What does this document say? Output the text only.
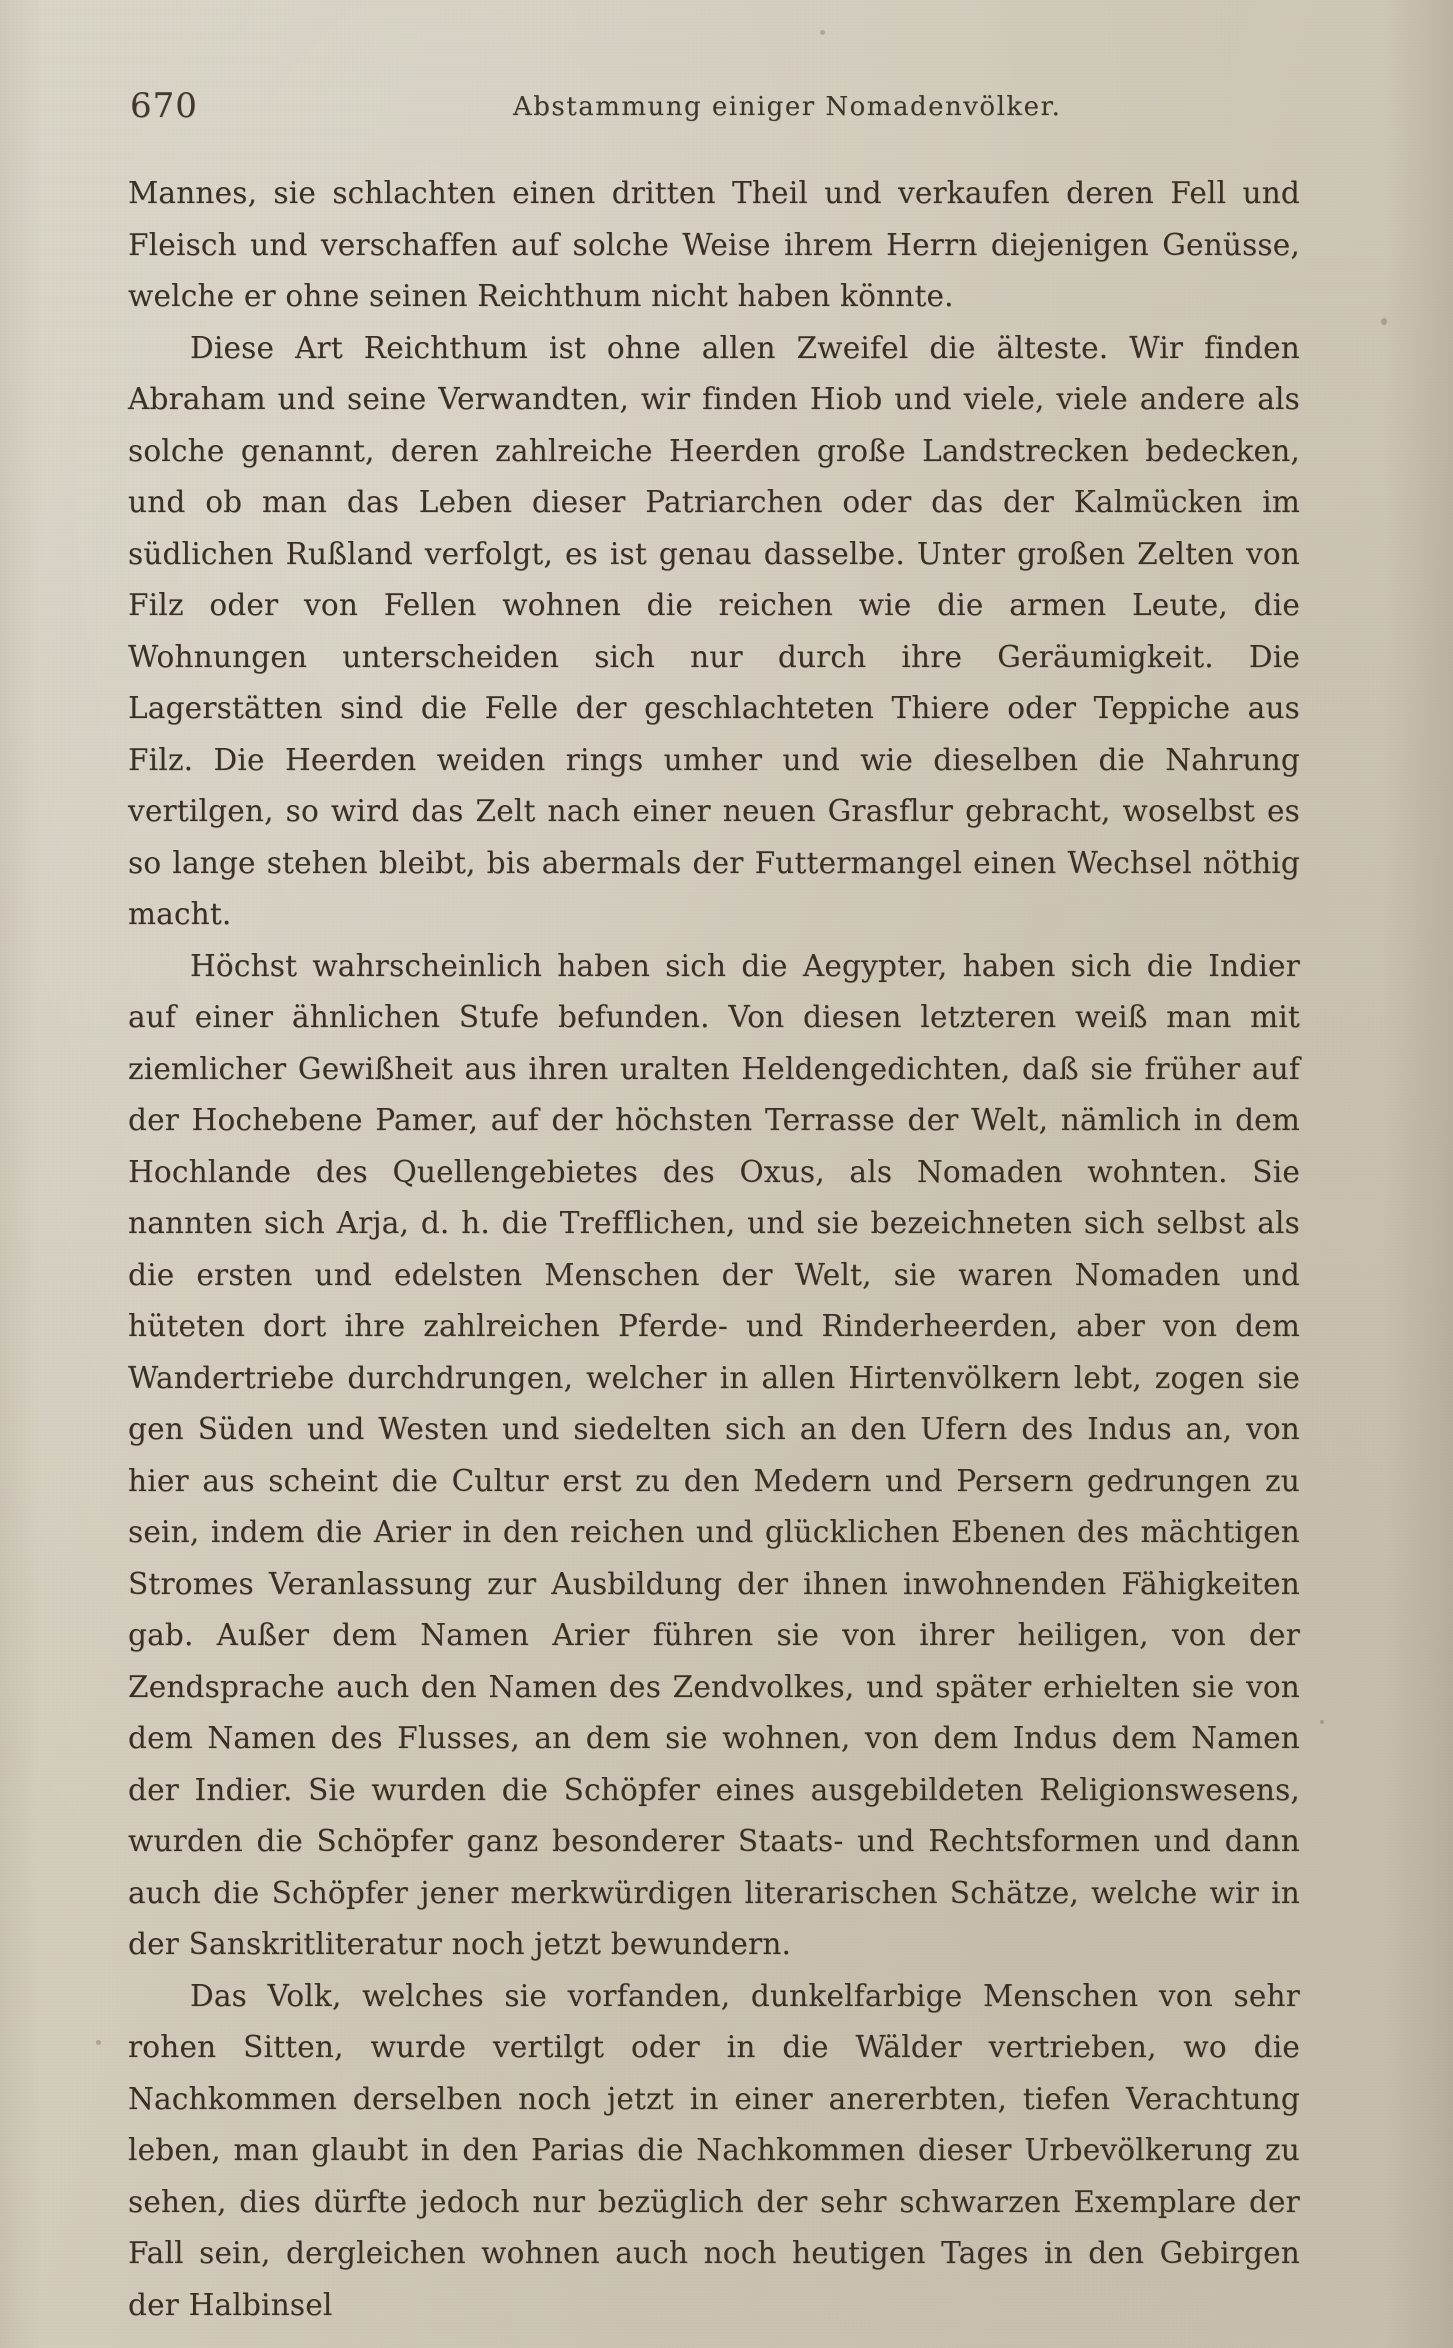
670	Abstammung einiger Nomadenvölker.

Mannes, sie schlachten einen dritten Theil und verkaufen deren Fell und Fleisch und verschaffen auf solche Weise ihrem Herrn diejenigen Genüsse, welche er ohne seinen Reichthum nicht haben könnte.

Diese Art Reichthum ist ohne allen Zweifel die älteste. Wir finden Abraham und seine Verwandten, wir finden Hiob und viele, viele andere als solche genannt, deren zahlreiche Heerden große Landstrecken bedecken, und ob man das Leben dieser Patriarchen oder das der Kalmücken im südlichen Rußland verfolgt, es ist genau dasselbe. Unter großen Zelten von Filz oder von Fellen wohnen die reichen wie die armen Leute, die Wohnungen unterscheiden sich nur durch ihre Geräumigkeit. Die Lagerstätten sind die Felle der geschlachteten Thiere oder Teppiche aus Filz. Die Heerden weiden rings umher und wie dieselben die Nahrung vertilgen, so wird das Zelt nach einer neuen Grasflur gebracht, woselbst es so lange stehen bleibt, bis abermals der Futtermangel einen Wechsel nöthig macht.

Höchst wahrscheinlich haben sich die Aegypter, haben sich die Indier auf einer ähnlichen Stufe befunden. Von diesen letzteren weiß man mit ziemlicher Gewißheit aus ihren uralten Heldengedichten, daß sie früher auf der Hochebene Pamer, auf der höchsten Terrasse der Welt, nämlich in dem Hochlande des Quellengebietes des Oxus, als Nomaden wohnten. Sie nannten sich Arja, d. h. die Trefflichen, und sie bezeichneten sich selbst als die ersten und edelsten Menschen der Welt, sie waren Nomaden und hüteten dort ihre zahlreichen Pferde- und Rinderheerden, aber von dem Wandertriebe durchdrungen, welcher in allen Hirtenvölkern lebt, zogen sie gen Süden und Westen und siedelten sich an den Ufern des Indus an, von hier aus scheint die Cultur erst zu den Medern und Persern gedrungen zu sein, indem die Arier in den reichen und glücklichen Ebenen des mächtigen Stromes Veranlassung zur Ausbildung der ihnen inwohnenden Fähigkeiten gab. Außer dem Namen Arier führen sie von ihrer heiligen, von der Zendsprache auch den Namen des Zendvolkes, und später erhielten sie von dem Namen des Flusses, an dem sie wohnen, von dem Indus dem Namen der Indier. Sie wurden die Schöpfer eines ausgebildeten Religionswesens, wurden die Schöpfer ganz besonderer Staats- und Rechtsformen und dann auch die Schöpfer jener merkwürdigen literarischen Schätze, welche wir in der Sanskritliteratur noch jetzt bewundern.

Das Volk, welches sie vorfanden, dunkelfarbige Menschen von sehr rohen Sitten, wurde vertilgt oder in die Wälder vertrieben, wo die Nachkommen derselben noch jetzt in einer anererbten, tiefen Verachtung leben, man glaubt in den Parias die Nachkommen dieser Urbevölkerung zu sehen, dies dürfte jedoch nur bezüglich der sehr schwarzen Exemplare der Fall sein, dergleichen wohnen auch noch heutigen Tages in den Gebirgen der Halbinsel
